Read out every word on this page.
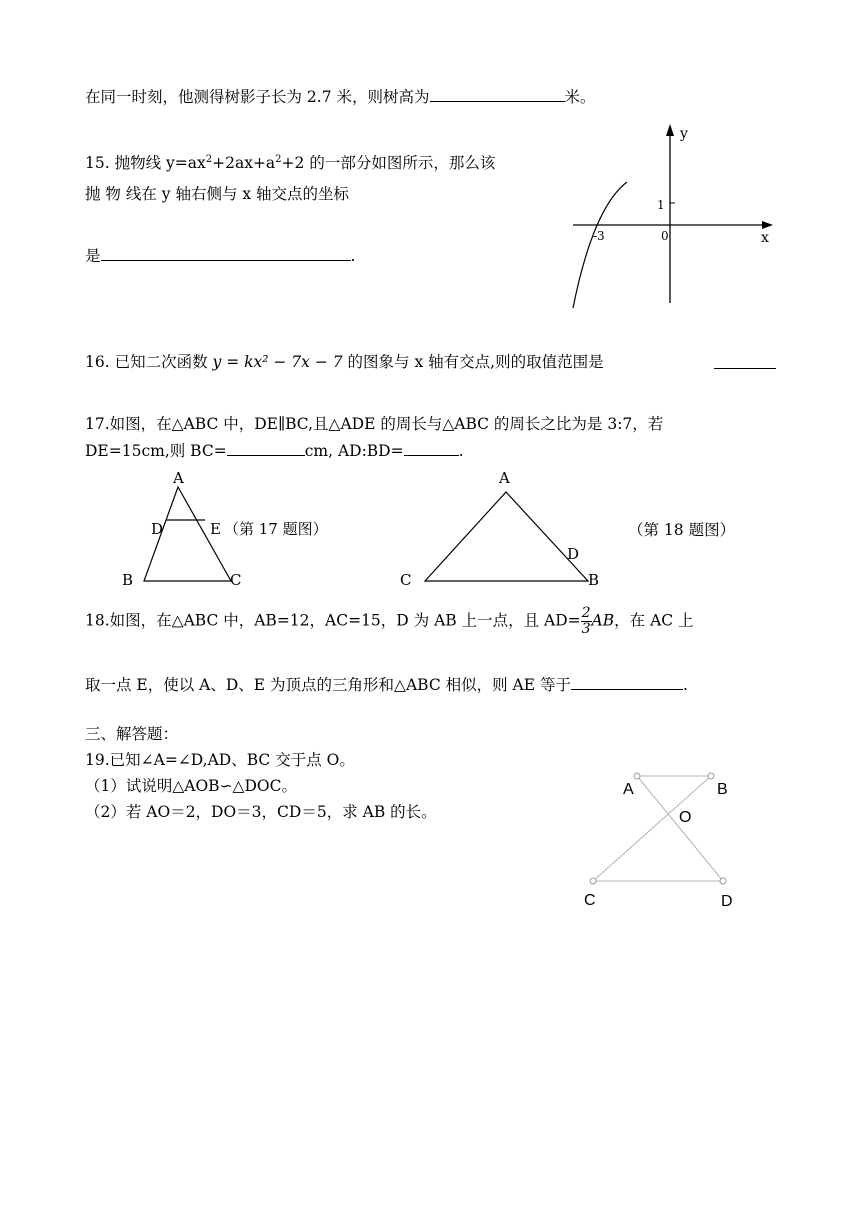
在同一时刻，他测得树影子长为 2.7 米，则树高为	米。
15. 抛物线 $y=ax^2+2ax+a^2+2$ 的一部分如图所示，那么该
抛 物 线在 y 轴右侧与 x 轴交点的坐标
是	.
y
x
1
-3	0
16. 已知二次函数 y = kx² − 7x − 7 的图象与 x 轴有交点,则的取值范围是
17.如图，在△ABC 中，DE∥BC,且△ADE 的周长与△ABC 的周长之比为是 3:7，若
DE=15cm,则 BC=	cm, AD:BD=	.
A
D	E
B	C
（第 17 题图）
A
D
C	B
（第 18 题图）
18.如图，在△ABC 中，AB=12，AC=15，D 为 AB 上一点，且 $AD= \frac{2}{3}$ AB，在 AC 上
取一点 E，使以 A、D、E 为顶点的三角形和△ABC 相似，则 AE 等于	.
三、解答题：
19.已知∠A=∠D,AD、BC 交于点 O。
（1）试说明△AOB∽△DOC。
（2）若 AO＝2，DO＝3，CD＝5，求 AB 的长。
A	B
O
C	D
